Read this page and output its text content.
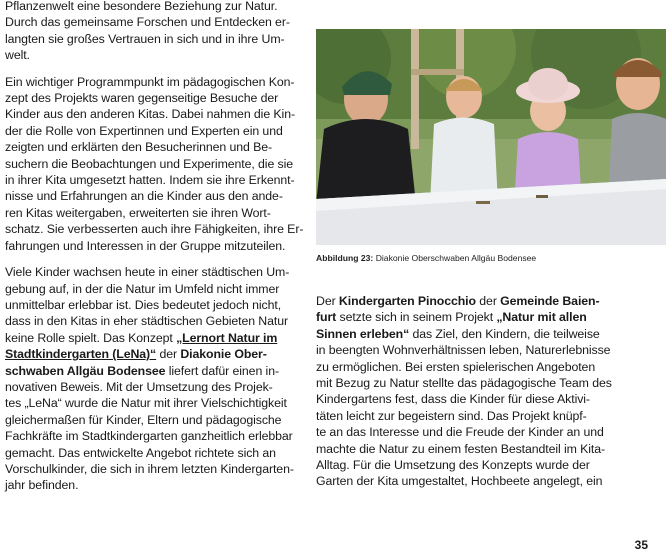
Pflanzenwelt eine besondere Beziehung zur Natur.
Durch das gemeinsame Forschen und Entdecken er-
langten sie großes Vertrauen in sich und in ihre Um-
welt.
Ein wichtiger Programmpunkt im pädagogischen Kon-
zept des Projekts waren gegenseitige Besuche der
Kinder aus den anderen Kitas. Dabei nahmen die Kin-
der die Rolle von Expertinnen und Experten ein und
zeigten und erklärten den Besucherinnen und Be-
suchern die Beobachtungen und Experimente, die sie
in ihrer Kita umgesetzt hatten. Indem sie ihre Erkennt-
nisse und Erfahrungen an die Kinder aus den ande-
ren Kitas weitergaben, erweiterten sie ihren Wort-
schatz. Sie verbesserten auch ihre Fähigkeiten, ihre Er-
fahrungen und Interessen in der Gruppe mitzuteilen.
Viele Kinder wachsen heute in einer städtischen Um-
gebung auf, in der die Natur im Umfeld nicht immer
unmittelbar erlebbar ist. Dies bedeutet jedoch nicht,
dass in den Kitas in eher städtischen Gebieten Natur
keine Rolle spielt. Das Konzept „Lernort Natur im
Stadtkindergarten (LeNa)“ der Diakonie Ober-
schwaben Allgäu Bodensee liefert dafür einen in-
novativen Beweis. Mit der Umsetzung des Projek-
tes „LeNa“ wurde die Natur mit ihrer Vielschichtigkeit
gleichermaßen für Kinder, Eltern und pädagogische
Fachkräfte im Stadtkindergarten ganzheitlich erlebbar
gemacht. Das entwickelte Angebot richtete sich an
Vorschulkinder, die sich in ihrem letzten Kindergarten-
jahr befinden.
Abbildung 23: Diakonie Oberschwaben Allgäu Bodensee
Der Kindergarten Pinocchio der Gemeinde Baien-
furt setzte sich in seinem Projekt „Natur mit allen
Sinnen erleben“ das Ziel, den Kindern, die teilweise
in beengten Wohnverhältnissen leben, Naturerlebnisse
zu ermöglichen. Bei ersten spielerischen Angeboten
mit Bezug zu Natur stellte das pädagogische Team des
Kindergartens fest, dass die Kinder für diese Aktivi-
täten leicht zur begeistern sind. Das Projekt knüpf-
te an das Interesse und die Freude der Kinder an und
machte die Natur zu einem festen Bestandteil im Kita-
Alltag. Für die Umsetzung des Konzepts wurde der
Garten der Kita umgestaltet, Hochbeete angelegt, ein
35
